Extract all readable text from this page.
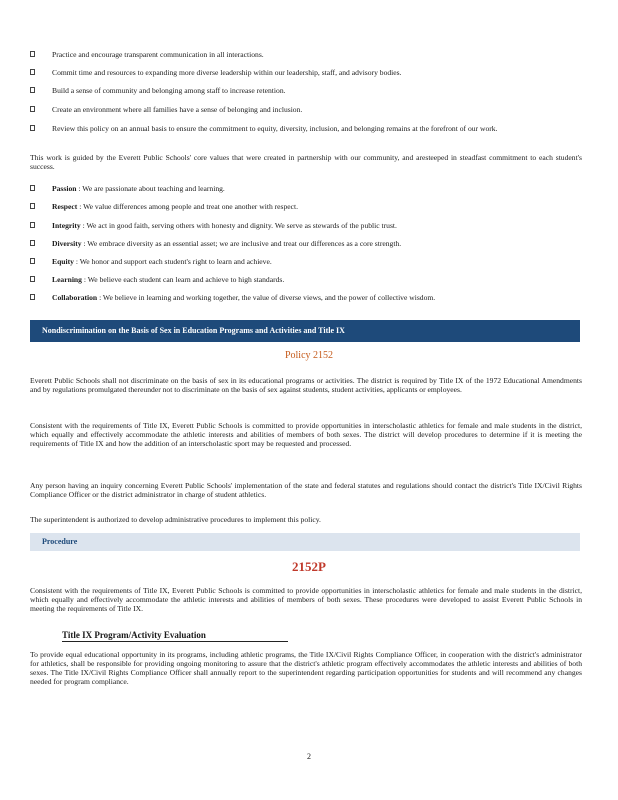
Practice and encourage transparent communication in all interactions.
Commit time and resources to expanding more diverse leadership within our leadership, staff, and advisory bodies.
Build a sense of community and belonging among staff to increase retention.
Create an environment where all families have a sense of belonging and inclusion.
Review this policy on an annual basis to ensure the commitment to equity, diversity, inclusion, and belonging remains at the forefront of our work.
This work is guided by the Everett Public Schools' core values that were created in partnership with our community, and aresteeped in steadfast commitment to each student's success.
Passion : We are passionate about teaching and learning.
Respect : We value differences among people and treat one another with respect.
Integrity : We act in good faith, serving others with honesty and dignity. We serve as stewards of the public trust.
Diversity : We embrace diversity as an essential asset; we are inclusive and treat our differences as a core strength.
Equity : We honor and support each student's right to learn and achieve.
Learning : We believe each student can learn and achieve to high standards.
Collaboration : We believe in learning and working together, the value of diverse views, and the power of collective wisdom.
Nondiscrimination on the Basis of Sex in Education Programs and Activities and Title IX
Policy 2152
Everett Public Schools shall not discriminate on the basis of sex in its educational programs or activities. The district is required by Title IX of the 1972 Educational Amendments and by regulations promulgated thereunder not to discriminate on the basis of sex against students, student activities, applicants or employees.
Consistent with the requirements of Title IX, Everett Public Schools is committed to provide opportunities in interscholastic athletics for female and male students in the district, which equally and effectively accommodate the athletic interests and abilities of members of both sexes. The district will develop procedures to determine if it is meeting the requirements of Title IX and how the addition of an interscholastic sport may be requested and processed.
Any person having an inquiry concerning Everett Public Schools' implementation of the state and federal statutes and regulations should contact the district's Title IX/Civil Rights Compliance Officer or the district administrator in charge of student athletics.
The superintendent is authorized to develop administrative procedures to implement this policy.
Procedure
2152P
Consistent with the requirements of Title IX, Everett Public Schools is committed to provide opportunities in interscholastic athletics for female and male students in the district, which equally and effectively accommodate the athletic interests and abilities of members of both sexes. These procedures were developed to assist Everett Public Schools in meeting the requirements of Title IX.
Title IX Program/Activity Evaluation
To provide equal educational opportunity in its programs, including athletic programs, the Title IX/Civil Rights Compliance Officer, in cooperation with the district's administrator for athletics, shall be responsible for providing ongoing monitoring to assure that the district's athletic program effectively accommodates the athletic interests and abilities of both sexes. The Title IX/Civil Rights Compliance Officer shall annually report to the superintendent regarding participation opportunities for students and will recommend any changes needed for program compliance.
2
